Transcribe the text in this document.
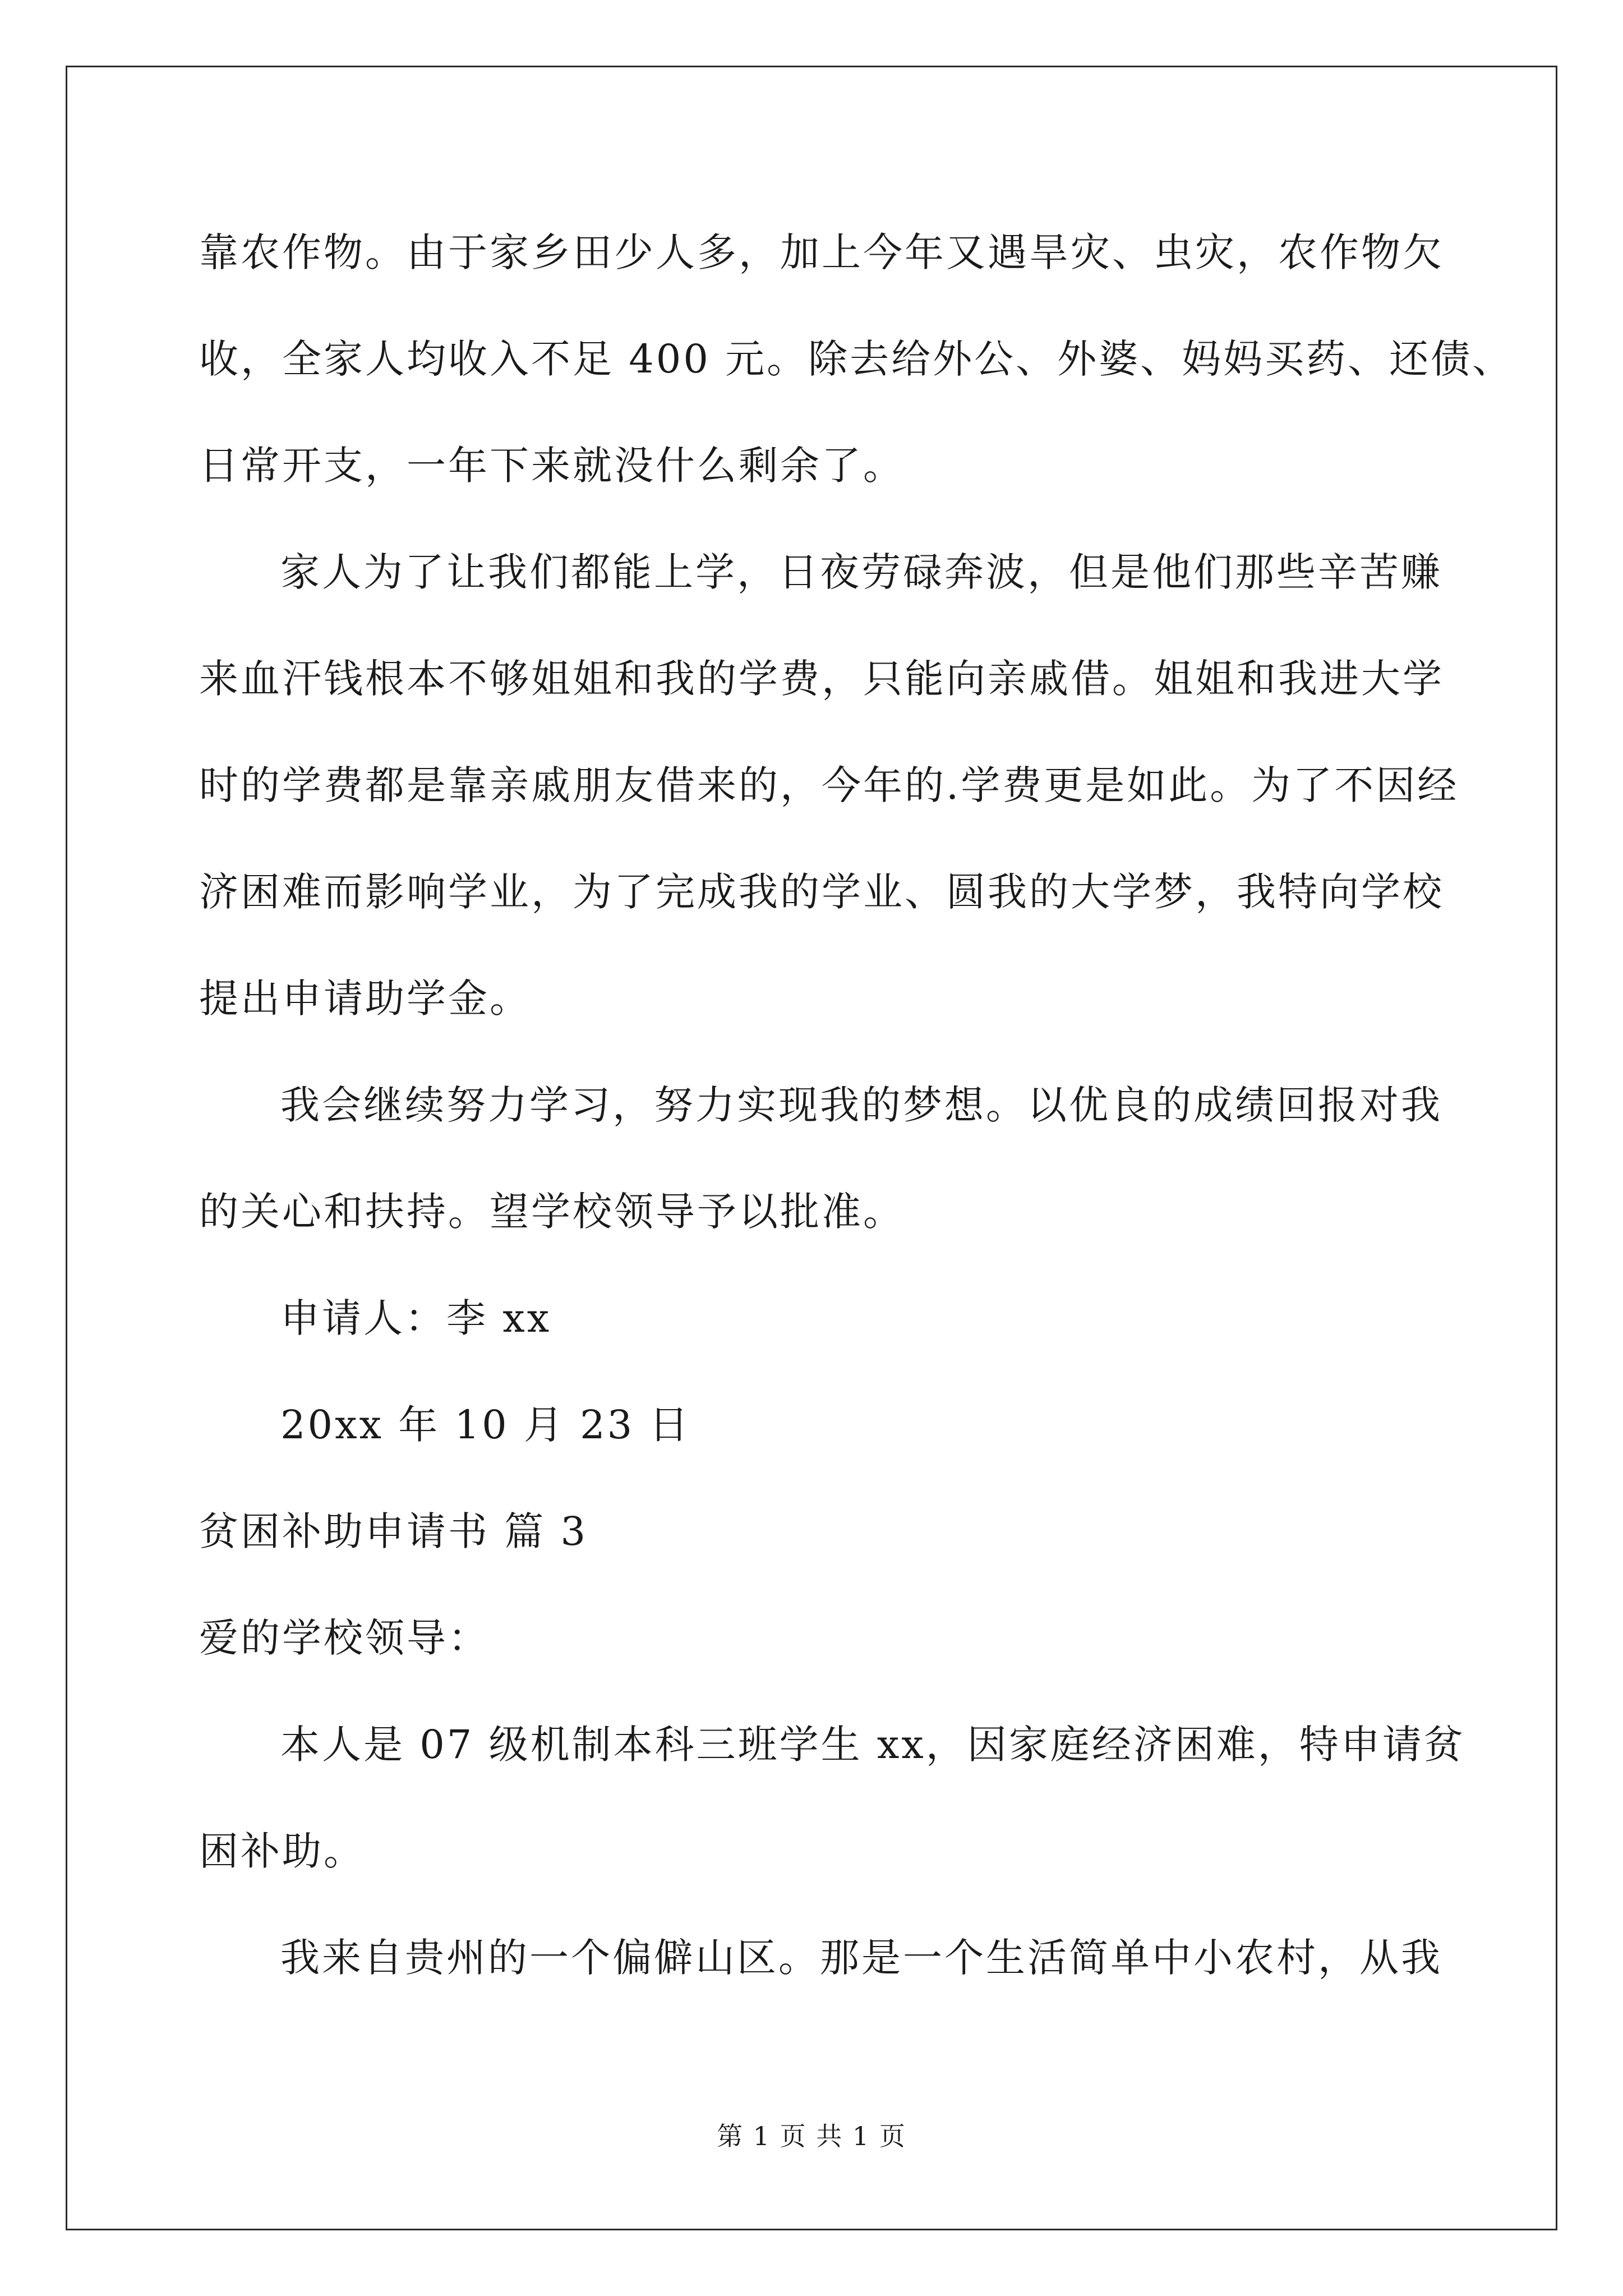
靠农作物。由于家乡田少人多，加上今年又遇旱灾、虫灾，农作物欠
收，全家人均收入不足 400 元。除去给外公、外婆、妈妈买药、还债、
日常开支，一年下来就没什么剩余了。
家人为了让我们都能上学，日夜劳碌奔波，但是他们那些辛苦赚
来血汗钱根本不够姐姐和我的学费，只能向亲戚借。姐姐和我进大学
时的学费都是靠亲戚朋友借来的，今年的.学费更是如此。为了不因经
济困难而影响学业，为了完成我的学业、圆我的大学梦，我特向学校
提出申请助学金。
我会继续努力学习，努力实现我的梦想。以优良的成绩回报对我
的关心和扶持。望学校领导予以批准。
申请人：李 xx
20xx 年 10 月 23 日
贫困补助申请书 篇 3
爱的学校领导：
本人是 07 级机制本科三班学生 xx，因家庭经济困难，特申请贫
困补助。
我来自贵州的一个偏僻山区。那是一个生活简单中小农村，从我
第 1 页 共 1 页
